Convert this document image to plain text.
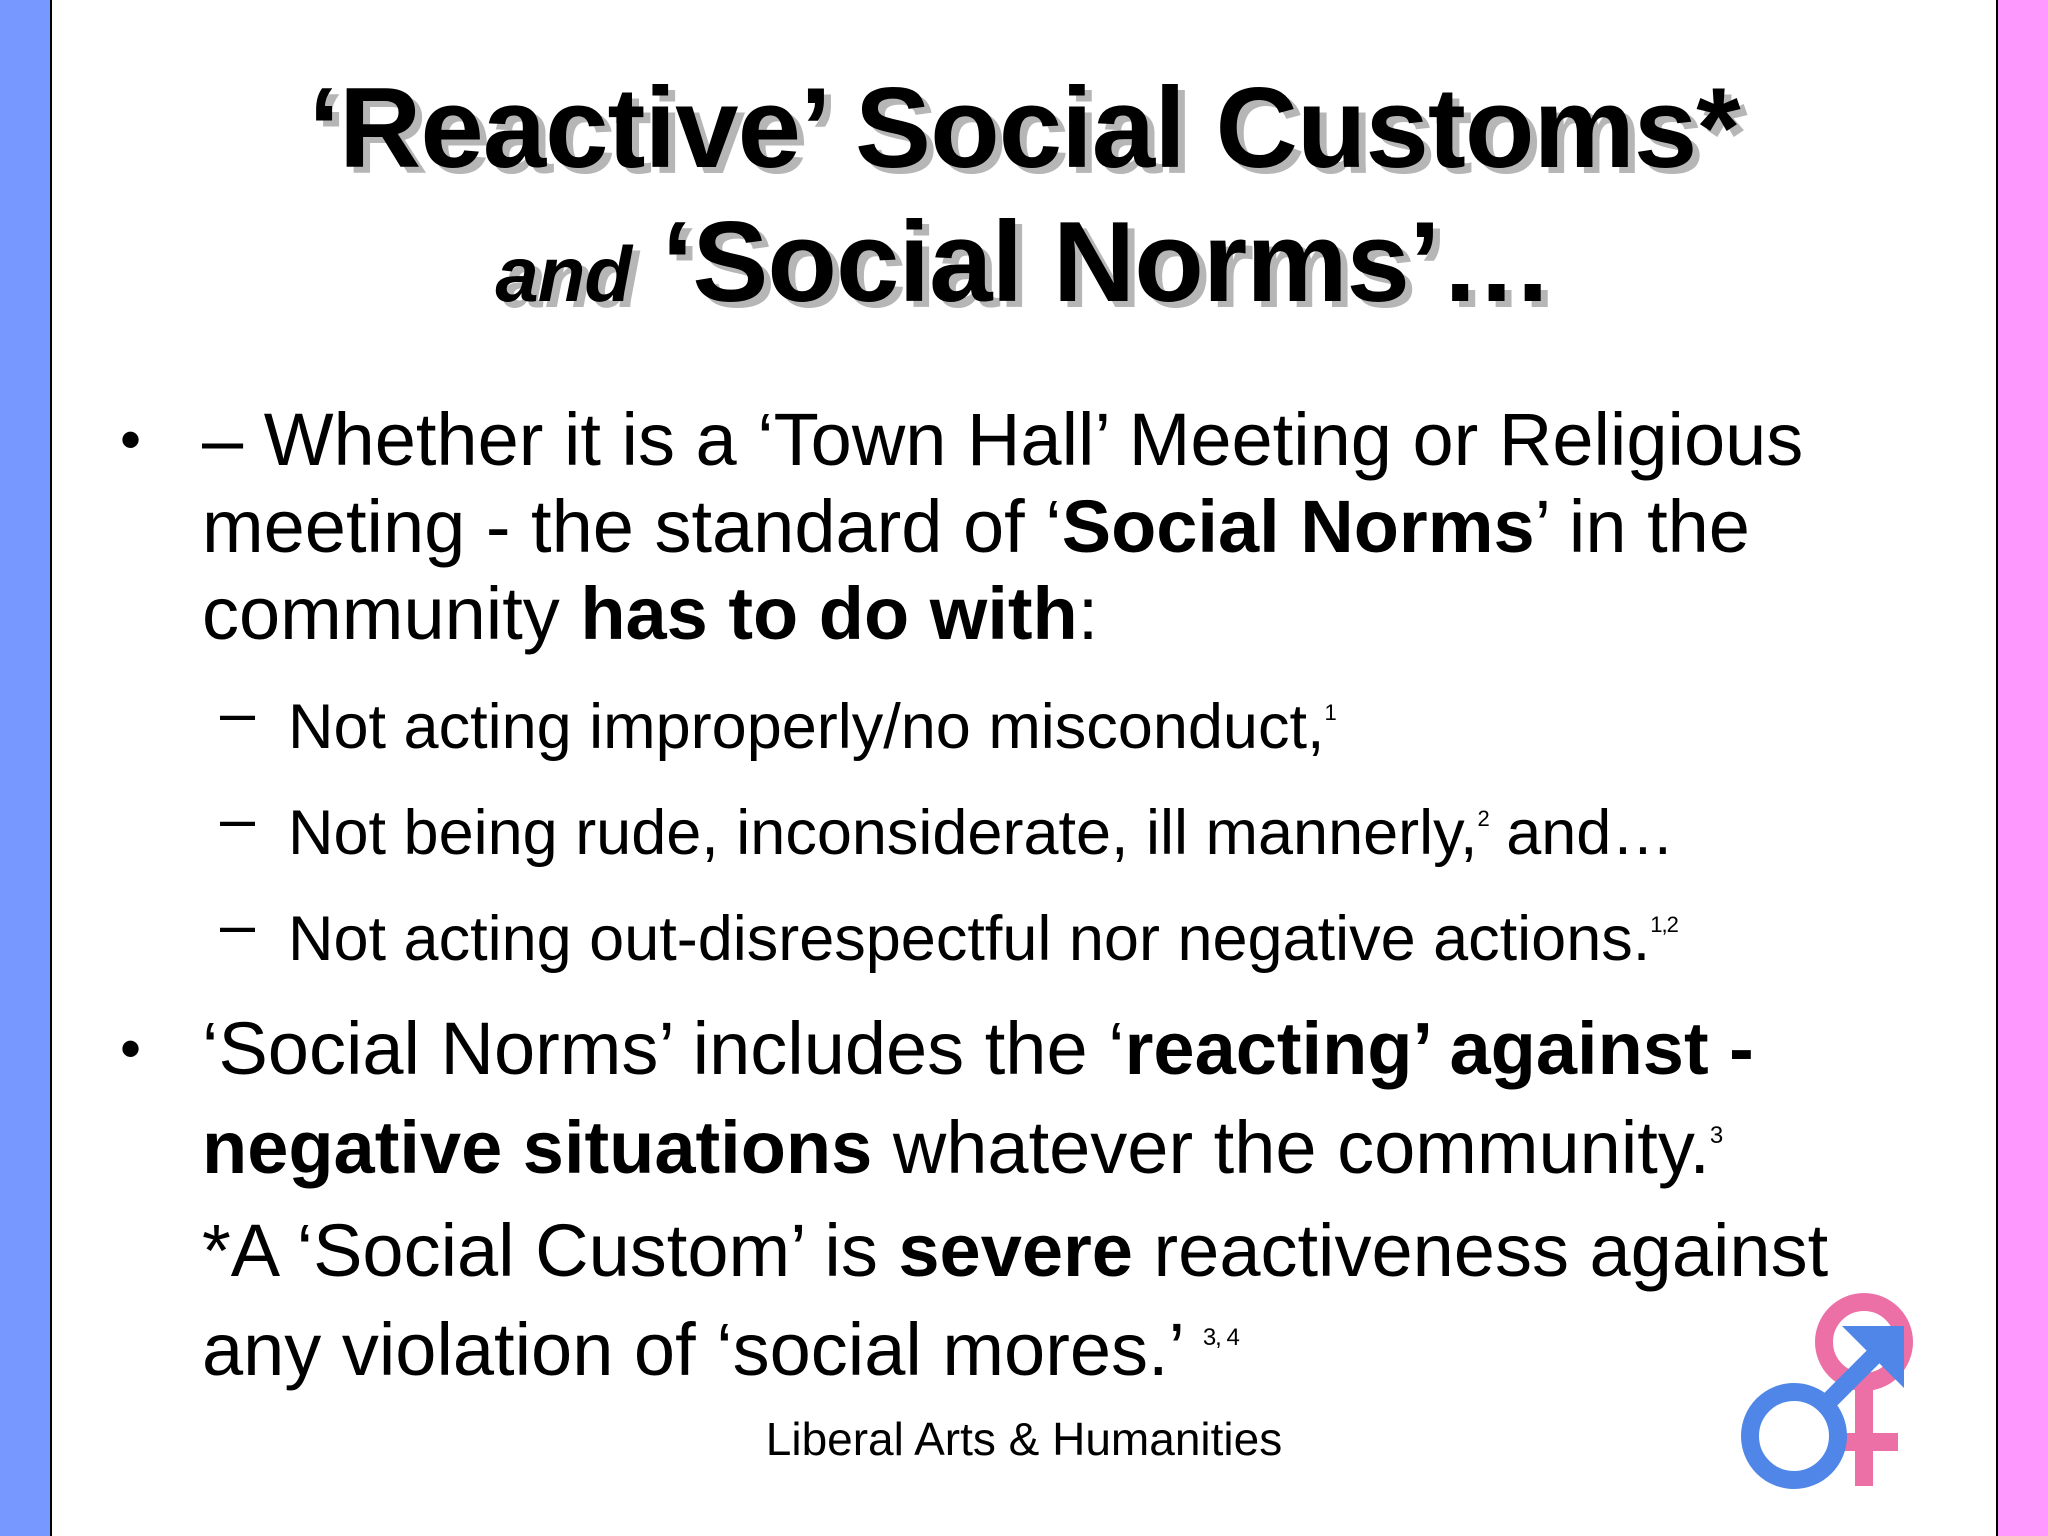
‘Reactive’ Social Customs*
and ‘Social Norms’…
• – Whether it is a ‘Town Hall’ Meeting or Religious meeting - the standard of ‘Social Norms’ in the community has to do with:
– Not acting improperly/no misconduct,$^1$
– Not being rude, inconsiderate, ill mannerly,$^2$ and…
– Not acting out-disrespectful nor negative actions.$^{1,2}$
• ‘Social Norms’ includes the ‘reacting’ against - negative situations whatever the community.$^3$
*A ‘Social Custom’ is severe reactiveness against any violation of ‘social mores.’ $^{3, 4}$
Liberal Arts & Humanities
